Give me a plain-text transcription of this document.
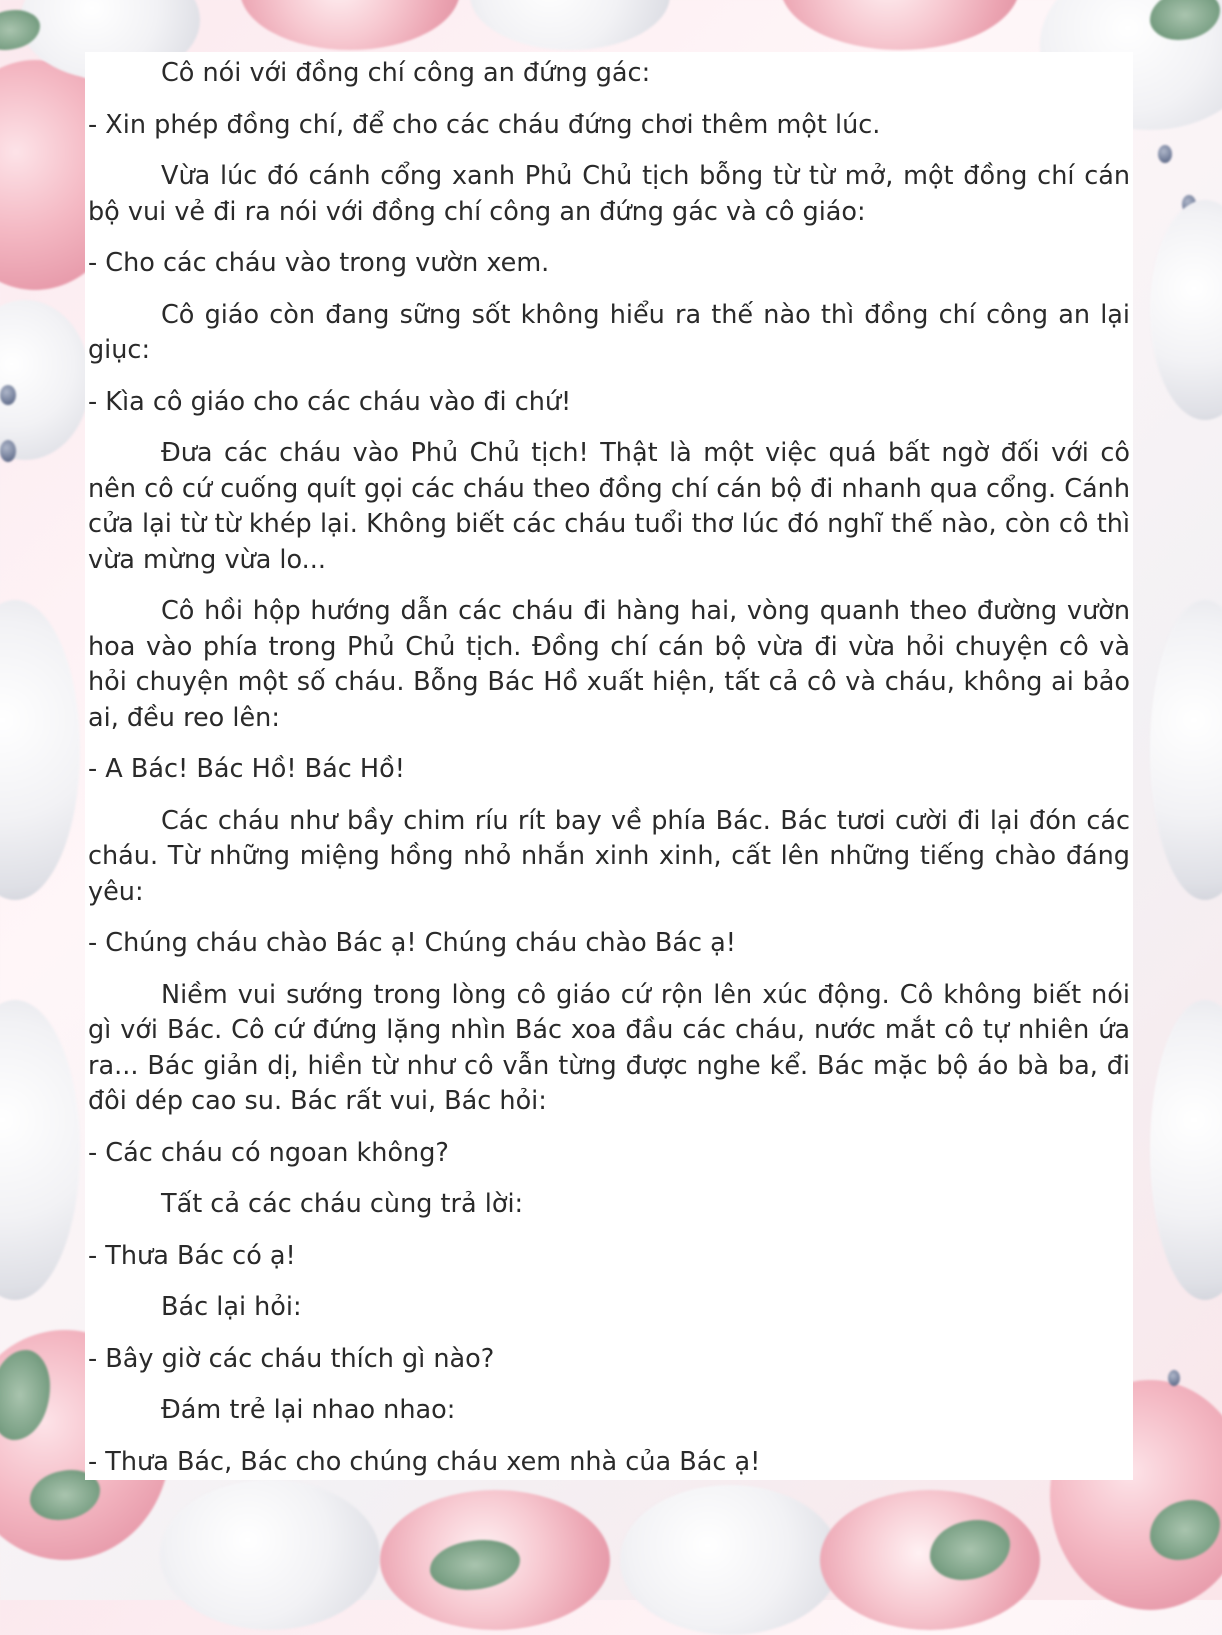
Cô nói với đồng chí công an đứng gác:

- Xin phép đồng chí, để cho các cháu đứng chơi thêm một lúc.

Vừa lúc đó cánh cổng xanh Phủ Chủ tịch bỗng từ từ mở, một đồng chí cán bộ vui vẻ đi ra nói với đồng chí công an đứng gác và cô giáo:

- Cho các cháu vào trong vườn xem.

Cô giáo còn đang sững sốt không hiểu ra thế nào thì đồng chí công an lại giục:

- Kìa cô giáo cho các cháu vào đi chứ!

Đưa các cháu vào Phủ Chủ tịch! Thật là một việc quá bất ngờ đối với cô nên cô cứ cuống quít gọi các cháu theo đồng chí cán bộ đi nhanh qua cổng. Cánh cửa lại từ từ khép lại. Không biết các cháu tuổi thơ lúc đó nghĩ thế nào, còn cô thì vừa mừng vừa lo...

Cô hồi hộp hướng dẫn các cháu đi hàng hai, vòng quanh theo đường vườn hoa vào phía trong Phủ Chủ tịch. Đồng chí cán bộ vừa đi vừa hỏi chuyện cô và hỏi chuyện một số cháu. Bỗng Bác Hồ xuất hiện, tất cả cô và cháu, không ai bảo ai, đều reo lên:

- A Bác! Bác Hồ! Bác Hồ!

Các cháu như bầy chim ríu rít bay về phía Bác. Bác tươi cười đi lại đón các cháu. Từ những miệng hồng nhỏ nhắn xinh xinh, cất lên những tiếng chào đáng yêu:

- Chúng cháu chào Bác ạ! Chúng cháu chào Bác ạ!

Niềm vui sướng trong lòng cô giáo cứ rộn lên xúc động. Cô không biết nói gì với Bác. Cô cứ đứng lặng nhìn Bác xoa đầu các cháu, nước mắt cô tự nhiên ứa ra... Bác giản dị, hiền từ như cô vẫn từng được nghe kể. Bác mặc bộ áo bà ba, đi đôi dép cao su. Bác rất vui, Bác hỏi:

- Các cháu có ngoan không?

Tất cả các cháu cùng trả lời:

- Thưa Bác có ạ!

Bác lại hỏi:

- Bây giờ các cháu thích gì nào?

Đám trẻ lại nhao nhao:

- Thưa Bác, Bác cho chúng cháu xem nhà của Bác ạ!
